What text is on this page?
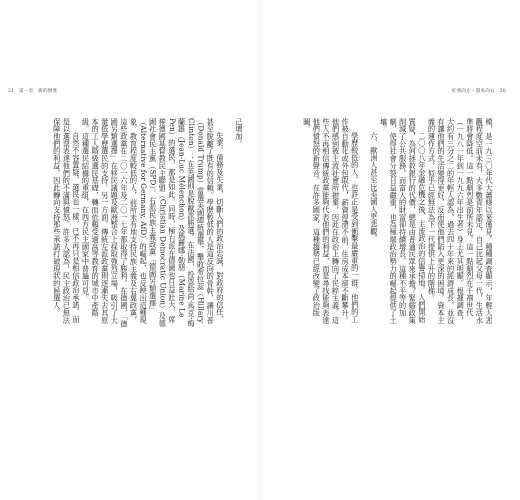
21　第一章　新的無產

己增加。

失業、債務及失業，切斷人們的政治忠誠，對政府的信任，甚至脫離了既有的信賴。學歷較低的人是這反向的骨幹，讓川普（Donald Trump）當選美國總統選舉，擊敗希拉蕊（Hillary Clinton）；在英國則是脫歐派勝選。在法國，投票給尚·馬克·梅蘭雄（Jean-Luc Mélenchon）及瑪麗娜·勒朋（Marine Le Pen）的選民，都是如此。同時，極右派在德國也日益壯大，席捲德國基督教民主聯盟（Christian Democratic Union）及德國社會民主黨（SPD），右派民族主義政黨「德國另類選擇」（Alternative for Germany, AfD）的崛起，也反映出這種現象。教育程度較低的人，前所未有地支持民族主義及右翼政黨，這些政黨在二〇一六年及二〇一七年都取得了勝利。在德國，「德國另類選擇」在移民議題及歐洲整合上採取強烈立場，吸引了大量低學歷選民的支持。另一方面，傳統左派政黨則逐漸失去其原本的工人階級選民基礎，轉而依賴受過高等教育的城市中產階級。這種選民結構的重組，在西方民主國家中普遍可見。

自然不容置疑，選民也一樣，已不再只是相信政治承諾，而是以選票表達他們的不滿與憤怒。許多人認為，民主政治已無法保障他們的利益，因此轉向支持那些承諾打破現狀的候選人。

紅發向左・資本向右　20

模，是一九三〇年代大蕭條以來僅見。種種調查顯示，年輕人悲觀程度空前未有，大多數青年認定，自己比起父母一代，生活水準將會降低。這一點劇烈是前所未見。這一點劇烈在千禧世代（一九八一年到一九九六年出生者）身上尤其明顯。根據調查，大約有三分之二的年輕人認為，過去四十年來的經濟成長，並沒有讓他們的生活變得更好，反而使他們陷入更深的困境。資本主義的運作方式，似乎已經無法為下一代提供上升的階梯。

二〇〇八年金融危機之後，主流政治的信譽掃地。人們開始質疑，為何拯救銀行的代價，總是由普通民眾來承擔？緊縮政策削減了公共服務，而富人的財富卻持續增長。這種不平等的加劇，使得社會分裂日益嚴重，也為極端政治勢力的崛起提供了土壤。

六、歐洲人甚至比美國人更悲觀。

學歷較低的人，也許正是受到衝擊最嚴重的一群。他們的工作被自動化或外包取代，薪資停滯不前，住房成本卻不斷攀升。他們感到被主流社會所拋棄，因此在政治上轉向了民粹主義。這些人不再相信傳統政黨能夠代表他們的利益，而是尋找能夠表達他們憤怒的新聲音。在許多國家，這種趨勢已經改變了政治版圖。
